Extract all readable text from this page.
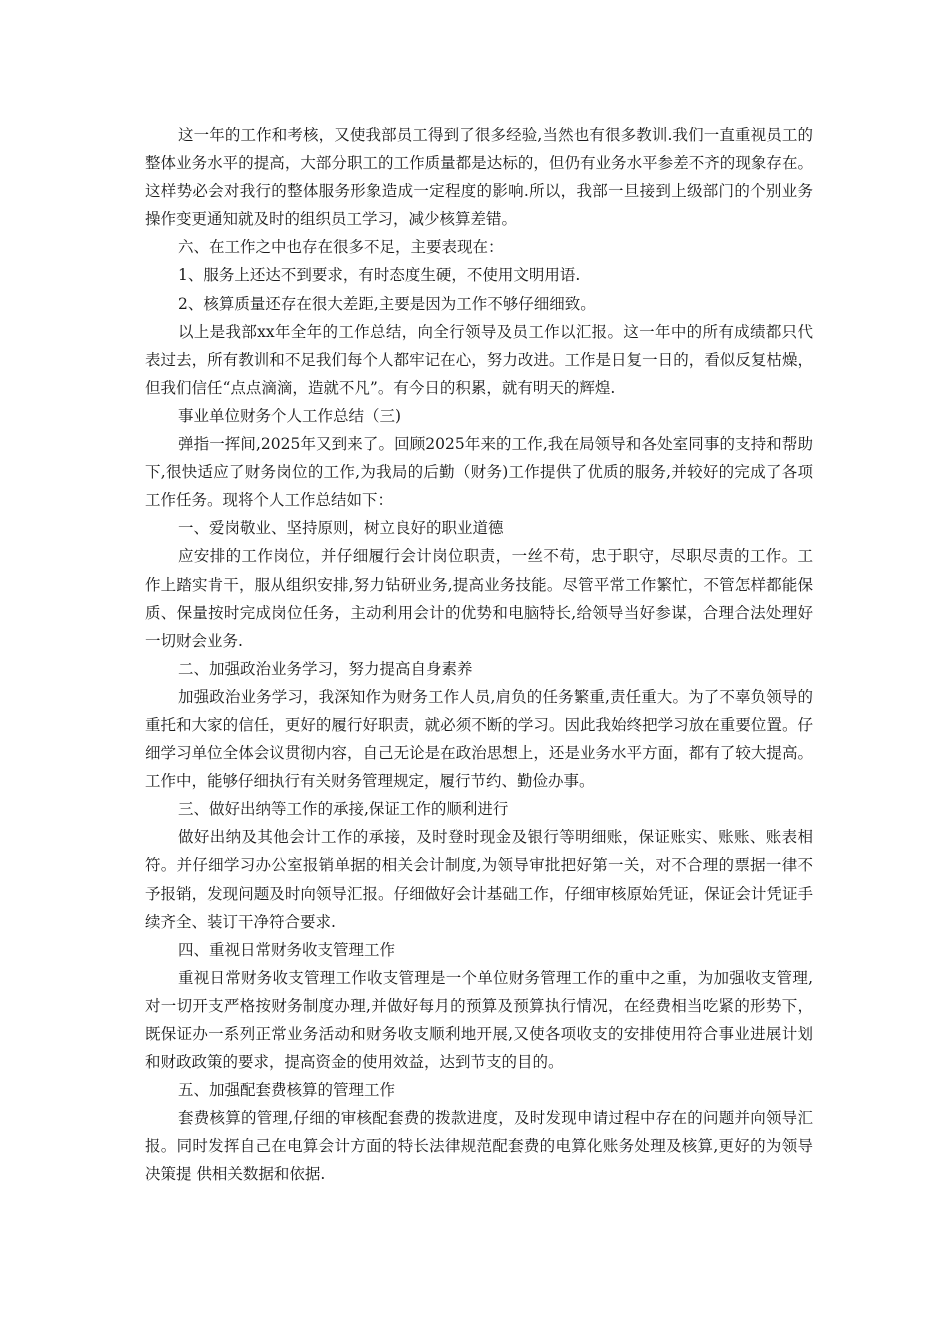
这一年的工作和考核，又使我部员工得到了很多经验,当然也有很多教训.我们一直重视员工的整体业务水平的提高，大部分职工的工作质量都是达标的，但仍有业务水平参差不齐的现象存在。这样势必会对我行的整体服务形象造成一定程度的影响.所以，我部一旦接到上级部门的个别业务操作变更通知就及时的组织员工学习，减少核算差错。

六、在工作之中也存在很多不足，主要表现在：

1、服务上还达不到要求，有时态度生硬，不使用文明用语.

2、核算质量还存在很大差距,主要是因为工作不够仔细细致。

以上是我部xx年全年的工作总结，向全行领导及员工作以汇报。这一年中的所有成绩都只代表过去，所有教训和不足我们每个人都牢记在心，努力改进。工作是日复一日的，看似反复枯燥，但我们信任“点点滴滴，造就不凡”。有今日的积累，就有明天的辉煌.

事业单位财务个人工作总结（三)

弹指一挥间,2025年又到来了。回顾2025年来的工作,我在局领导和各处室同事的支持和帮助下,很快适应了财务岗位的工作,为我局的后勤（财务)工作提供了优质的服务,并较好的完成了各项工作任务。现将个人工作总结如下：

一、爱岗敬业、坚持原则，树立良好的职业道德

应安排的工作岗位，并仔细履行会计岗位职责，一丝不苟，忠于职守，尽职尽责的工作。工作上踏实肯干，服从组织安排,努力钻研业务,提高业务技能。尽管平常工作繁忙，不管怎样都能保质、保量按时完成岗位任务，主动利用会计的优势和电脑特长,给领导当好参谋，合理合法处理好一切财会业务.

二、加强政治业务学习，努力提高自身素养

加强政治业务学习，我深知作为财务工作人员,肩负的任务繁重,责任重大。为了不辜负领导的重托和大家的信任，更好的履行好职责，就必须不断的学习。因此我始终把学习放在重要位置。仔细学习单位全体会议贯彻内容，自己无论是在政治思想上，还是业务水平方面，都有了较大提高。工作中，能够仔细执行有关财务管理规定，履行节约、勤俭办事。

三、做好出纳等工作的承接,保证工作的顺利进行

做好出纳及其他会计工作的承接，及时登时现金及银行等明细账，保证账实、账账、账表相符。并仔细学习办公室报销单据的相关会计制度,为领导审批把好第一关，对不合理的票据一律不予报销，发现问题及时向领导汇报。仔细做好会计基础工作，仔细审核原始凭证，保证会计凭证手续齐全、装订干净符合要求.

四、重视日常财务收支管理工作

重视日常财务收支管理工作收支管理是一个单位财务管理工作的重中之重，为加强收支管理,对一切开支严格按财务制度办理,并做好每月的预算及预算执行情况，在经费相当吃紧的形势下，既保证办一系列正常业务活动和财务收支顺利地开展,又使各项收支的安排使用符合事业进展计划和财政政策的要求，提高资金的使用效益，达到节支的目的。

五、加强配套费核算的管理工作

套费核算的管理,仔细的审核配套费的拨款进度，及时发现申请过程中存在的问题并向领导汇报。同时发挥自己在电算会计方面的特长法律规范配套费的电算化账务处理及核算,更好的为领导决策提 供相关数据和依据.
